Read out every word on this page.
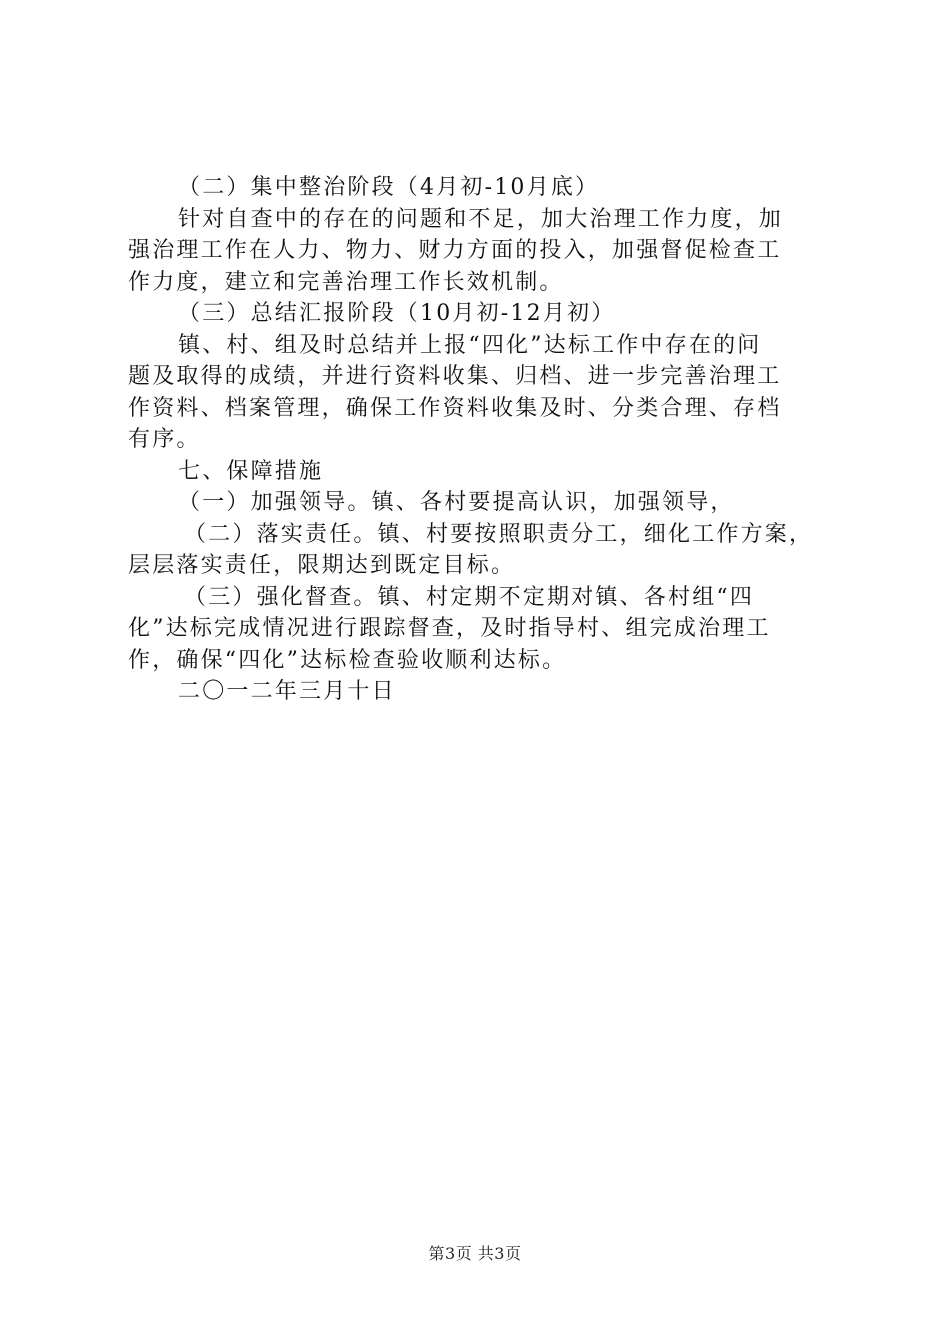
（二）集中整治阶段（4月初-10月底）
针对自查中的存在的问题和不足，加大治理工作力度，加
强治理工作在人力、物力、财力方面的投入，加强督促检查工
作力度，建立和完善治理工作长效机制。
（三）总结汇报阶段（10月初-12月初）
镇、村、组及时总结并上报“四化”达标工作中存在的问
题及取得的成绩，并进行资料收集、归档、进一步完善治理工
作资料、档案管理，确保工作资料收集及时、分类合理、存档
有序。
七、保障措施
（一）加强领导。镇、各村要提高认识，加强领导，
（二）落实责任。镇、村要按照职责分工，细化工作方案，
层层落实责任，限期达到既定目标。
（三）强化督查。镇、村定期不定期对镇、各村组“四
化”达标完成情况进行跟踪督查，及时指导村、组完成治理工
作，确保“四化”达标检查验收顺利达标。
二〇一二年三月十日
第3页 共3页
